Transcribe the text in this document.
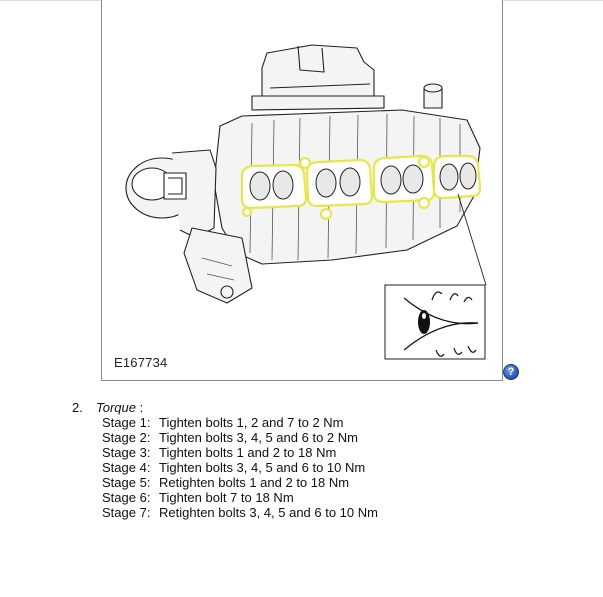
E167734
?
2.	Torque :
Stage 1: Tighten bolts 1, 2 and 7 to 2 Nm
Stage 2: Tighten bolts 3, 4, 5 and 6 to 2 Nm
Stage 3: Tighten bolts 1 and 2 to 18 Nm
Stage 4: Tighten bolts 3, 4, 5 and 6 to 10 Nm
Stage 5: Retighten bolts 1 and 2 to 18 Nm
Stage 6: Tighten bolt 7 to 18 Nm
Stage 7: Retighten bolts 3, 4, 5 and 6 to 10 Nm
